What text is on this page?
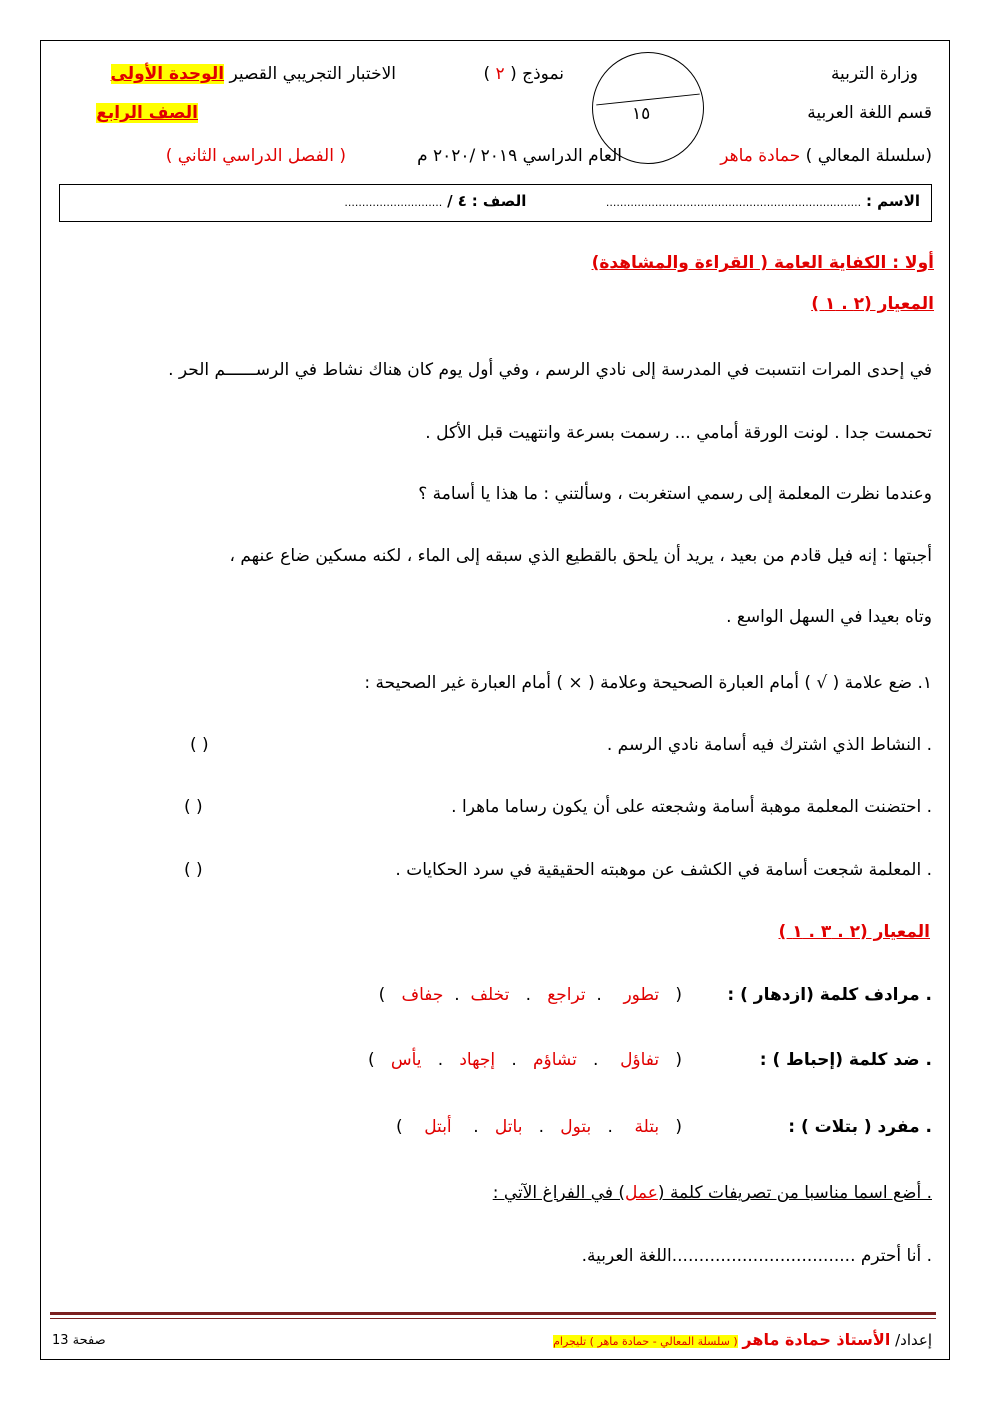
وزارة التربية
قسم اللغة العربية
(سلسلة المعالي ) حمادة ماهر
نموذج ( ٢ )
الاختبار التجريبي القصير الوحدة الأولى
الصف الرابع
العام الدراسي ٢٠١٩ /٢٠٢٠ م
( الفصل الدراسي الثاني )
١٥
الاسم : .........................................................................  الصف : ٤ / ............................
أولا : الكفاية العامة ( القراءة والمشاهدة)
المعيار (٢ . ١ )
في إحدى المرات انتسبت في المدرسة إلى نادي الرسم ، وفي أول يوم كان هناك نشاط في الرســــــم الحر .
تحمست جدا . لونت الورقة أمامي ... رسمت بسرعة وانتهيت قبل الأكل .
وعندما نظرت المعلمة إلى رسمي استغربت ، وسألتني : ما هذا يا أسامة ؟
أجبتها : إنه فيل قادم من بعيد ، يريد أن يلحق بالقطيع الذي سبقه إلى الماء ، لكنه مسكين ضاع عنهم ،
وتاه بعيدا في السهل الواسع .
١. ضع علامة ( √ ) أمام العبارة الصحيحة وعلامة ( × ) أمام العبارة غير الصحيحة :
. النشاط الذي اشترك فيه أسامة نادي الرسم .
( )
. احتضنت المعلمة موهبة أسامة وشجعته على أن يكون رساما ماهرا .
( )
. المعلمة شجعت أسامة في الكشف عن موهبته الحقيقية في سرد الحكايات .
( )
المعيار (٢ . ٣ . ١ )
. مرادف كلمة (ازدهار ) :
(   تطور    .  تراجع   .   تخلف  .  جفاف   )
. ضد كلمة (إحباط ) :
(   تفاؤل    .   تشاؤم   .   إجهاد   .   يأس   )
. مفرد ( بتلات ) :
(   بتلة    .   بتول   .   باتل   .    أبتل    )
. أضع اسما مناسبا من تصريفات كلمة (عمل) في الفراغ الآتي :
. أنا أحترم ..................................اللغة العربية.
إعداد/ الأستاذ حمادة ماهر ( سلسلة المعالي - حمادة ماهر ) تليجرام
صفحة 13
